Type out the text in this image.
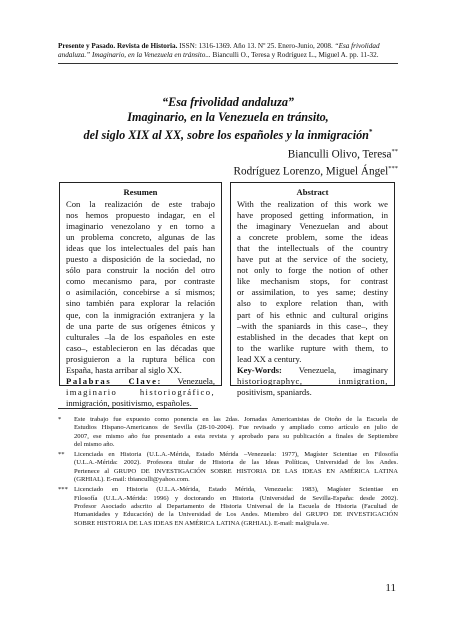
Presente y Pasado. Revista de Historia. ISSN: 1316-1369. Año 13. Nº 25. Enero-Junio, 2008. “Esa frivolidad
andaluza.” Imaginario, en la Venezuela en tránsito... Bianculli O., Teresa y Rodríguez L., Miguel A. pp. 11-32.
“Esa frivolidad andaluza”
Imaginario, en la Venezuela en tránsito,
del siglo XIX al XX, sobre los españoles y la inmigración*
Bianculli Olivo, Teresa**
Rodríguez Lorenzo, Miguel Ángel***
Resumen
Con la realización de este trabajo
nos hemos propuesto indagar, en el
imaginario venezolano y en torno a
un problema concreto, algunas de las
ideas que los intelectuales del país han
puesto a disposición de la sociedad, no
sólo para construir la noción del otro
como mecanismo para, por contraste
o asimilación, concebirse a sí mismos;
sino también para explorar la relación
que, con la inmigración extranjera y la
de una parte de sus orígenes étnicos y
culturales –la de los españoles en este
caso–, establecieron en las décadas que
prosiguieron a la ruptura bélica con
España, hasta arribar al siglo XX.
Palabras Clave: Venezuela,
imaginario historiográfico,
inmigración, positivismo, españoles.
Abstract
With the realization of this work we
have proposed getting information, in
the imaginary Venezuelan and about
a concrete problem, some the ideas
that the intellectuals of the country
have put at the service of the society,
not only to forge the notion of other
like mechanism stops, for contrast
or assimilation, to yes same; destiny
also to explore relation than, with
part of his ethnic and cultural origins
–with the spaniards in this case–, they
established in the decades that kept on
to the warlike rupture with them, to
lead XX a century.
Key-Words: Venezuela, imaginary
historiographyc, inmigration,
positivism, spaniards.
* Este trabajo fue expuesto como ponencia en las 2das. Jornadas Americanistas de Otoño de la Escuela de
Estudios Hispano-Americanos de Sevilla (28-10-2004). Fue revisado y ampliado como artículo en julio de
2007, ese mismo año fue presentado a esta revista y aprobado para su publicación a finales de Septiembre
del mismo año.
** Licenciada en Historia (U.L.A.-Mérida, Estado Mérida –Venezuela: 1977), Magíster Scientiae en Filosofía
(U.L.A.-Mérida: 2002). Profesora titular de Historia de las Ideas Políticas, Universidad de los Andes.
Pertenece al GRUPO DE INVESTIGACIÓN SOBRE HISTORIA DE LAS IDEAS EN AMÉRICA LATINA
(GRHIAL). E-mail: tbianculli@yahoo.com.
*** Licenciado en Historia (U.L.A.-Mérida, Estado Mérida, Venezuela: 1983), Magíster Scientiae en
Filosofía (U.L.A.-Mérida: 1996) y doctorando en Historia (Universidad de Sevilla-España: desde 2002).
Profesor Asociado adscrito al Departamento de Historia Universal de la Escuela de Historia (Facultad de
Humanidades y Educación) de la Universidad de Los Andes. Miembro del GRUPO DE INVESTIGACIÓN
SOBRE HISTORIA DE LAS IDEAS EN AMÉRICA LATINA (GRHIAL). E-mail: mal@ula.ve.
11
